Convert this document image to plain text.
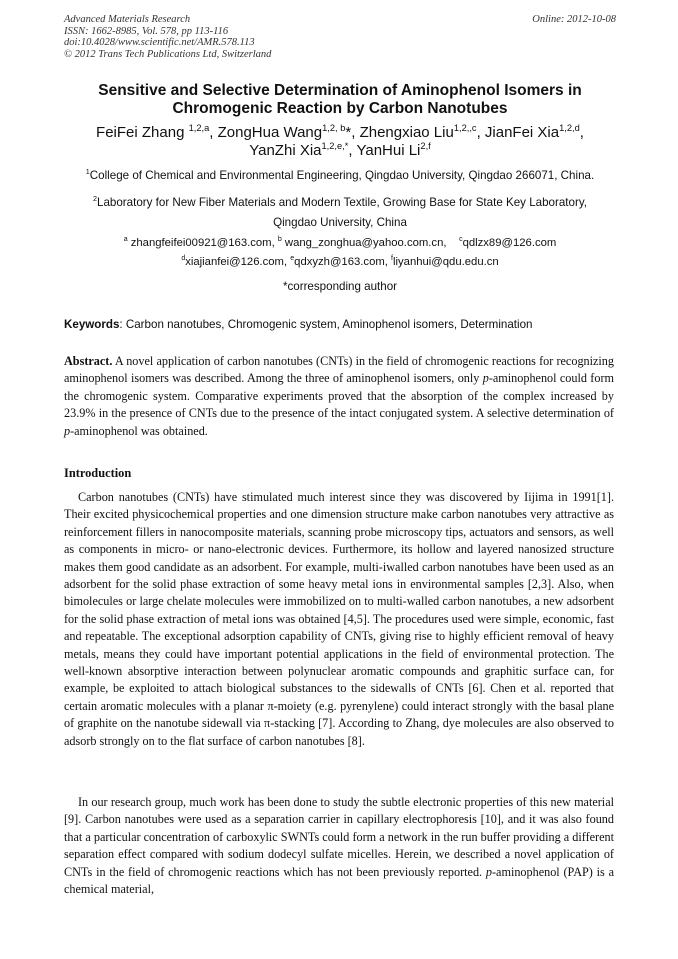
Advanced Materials Research
ISSN: 1662-8985, Vol. 578, pp 113-116
doi:10.4028/www.scientific.net/AMR.578.113
© 2012 Trans Tech Publications Ltd, Switzerland
Online: 2012-10-08
Sensitive and Selective Determination of Aminophenol Isomers in
Chromogenic Reaction by Carbon Nanotubes
FeiFei Zhang $^{1,2,a}$, ZongHua Wang$^{1,2, b}$*, Zhengxiao Liu$^{1,2,,c}$, JianFei Xia$^{1,2,d}$,
YanZhi Xia$^{1,2,e,*}$, YanHui Li$^{2,f}$
$^1$College of Chemical and Environmental Engineering, Qingdao University, Qingdao 266071, China.
$^2$Laboratory for New Fiber Materials and Modern Textile, Growing Base for State Key Laboratory,
Qingdao University, China
$^a$ zhangfeifei00921@163.com, $^b$ wang_zonghua@yahoo.com.cn, $^c$qdlzx89@126.com
$^d$xiajianfei@126.com, $^e$qdxyzh@163.com, $^f$liyanhui@qdu.edu.cn
*corresponding author
Keywords: Carbon nanotubes, Chromogenic system, Aminophenol isomers, Determination
Abstract. A novel application of carbon nanotubes (CNTs) in the field of chromogenic reactions for recognizing aminophenol isomers was described. Among the three of aminophenol isomers, only p-aminophenol could form the chromogenic system. Comparative experiments proved that the absorption of the complex increased by 23.9% in the presence of CNTs due to the presence of the intact conjugated system. A selective determination of p-aminophenol was obtained.
Introduction

Carbon nanotubes (CNTs) have stimulated much interest since they was discovered by Iijima in 1991[1]. Their excited physicochemical properties and one dimension structure make carbon nanotubes very attractive as reinforcement fillers in nanocomposite materials, scanning probe microscopy tips, actuators and sensors, as well as components in micro- or nano-electronic devices. Furthermore, its hollow and layered nanosized structure makes them good candidate as an adsorbent. For example, multi-iwalled carbon nanotubes have been used as an adsorbent for the solid phase extraction of some heavy metal ions in environmental samples [2,3]. Also, when bimolecules or large chelate molecules were immobilized on to multi-walled carbon nanotubes, a new adsorbent for the solid phase extraction of metal ions was obtained [4,5]. The procedures used were simple, economic, fast and repeatable. The exceptional adsorption capability of CNTs, giving rise to highly efficient removal of heavy metals, means they could have important potential applications in the field of environmental protection. The well-known absorptive interaction between polynuclear aromatic compounds and graphitic surface can, for example, be exploited to attach biological substances to the sidewalls of CNTs [6]. Chen et al. reported that certain aromatic molecules with a planar π-moiety (e.g. pyrenylene) could interact strongly with the basal plane of graphite on the nanotube sidewall via π-stacking [7]. According to Zhang, dye molecules are also observed to adsorb strongly on to the flat surface of carbon nanotubes [8].

In our research group, much work has been done to study the subtle electronic properties of this new material [9]. Carbon nanotubes were used as a separation carrier in capillary electrophoresis [10], and it was also found that a particular concentration of carboxylic SWNTs could form a network in the run buffer providing a different separation effect compared with sodium dodecyl sulfate micelles. Herein, we described a novel application of CNTs in the field of chromogenic reactions which has not been previously reported. p-aminophenol (PAP) is a chemical material,
